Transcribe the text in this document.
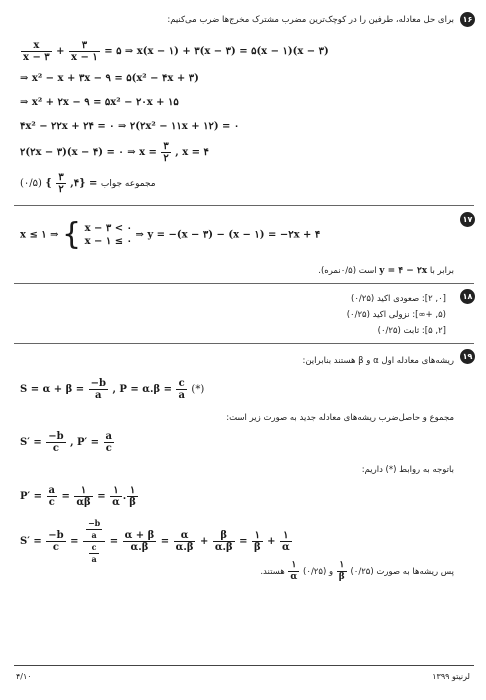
۱۶
برای حل معادله، طرفین را در کوچک‌ترین مضرب مشترک مخرج‌ها ضرب می‌کنیم:
$\frac{x}{x - ۳} + \frac{۳}{x - ۱}$ = ۵ ⇒ x(x − ۱) + ۳(x − ۳) = ۵(x − ۱)(x − ۳)
⇒ x² − x + ۳x − ۹ = ۵(x² − ۴x + ۳)
⇒ x² + ۲x − ۹ = ۵x² − ۲۰x + ۱۵
۴x² − ۲۲x + ۲۴ = ۰ ⇒ ۲(۲x² − ۱۱x + ۱۲) = ۰
۲(۲x − ۳)(x − ۴) = ۰ ⇒ $x = \frac{۳}{۲}$ , x = ۴
مجموعه جواب = {۴,
$\frac{۳}{۲}$
} (۰/۵)
۱۷
x ≤ ۱ ⇒ { x − ۳ < ۰
x − ۱ ≤ ۰
⇒ y = −(x − ۳) − (x − ۱) = −۲x + ۴
برابر با y = ۴ − ۲x است (۰/۵نمره).
۱۸
[۰, ۲]: صعودی اکید (۰/۲۵)
(۵, +∞]: نزولی اکید (۰/۲۵)
[۲, ۵]: ثابت (۰/۲۵)
۱۹
ریشه‌های معادله اول α و β هستند بنابراین:
$S = \alpha + \beta = \frac{-b}{a}$ , $P = \alpha.\beta = \frac{c}{a}$ (*)
مجموع و حاصل‌ضرب ریشه‌های معادله جدید به صورت زیر است:
$S' = \frac{-b}{c}$ , $P' = \frac{a}{c}$
باتوجه به روابط (*) داریم:
$P' = \frac{a}{c} = \frac{۱}{\alpha\beta} = \frac{۱}{\alpha}$ . $\frac{۱}{\beta}$
$S' = \frac{-b}{c} = \frac{\frac{-b}{a}}{\frac{c}{a}} = \frac{\alpha + \beta}{\alpha.\beta} = \frac{\alpha}{\alpha.\beta} + \frac{\beta}{\alpha.\beta} = \frac{۱}{\beta} + \frac{۱}{\alpha}$
پس ریشه‌ها به صورت (۰/۲۵)
$\frac{۱}{\beta}$
و (۰/۲۵)
$\frac{۱}{\alpha}$
هستند.
۴/۱۰	لرنیتو ۱۳۹۹
